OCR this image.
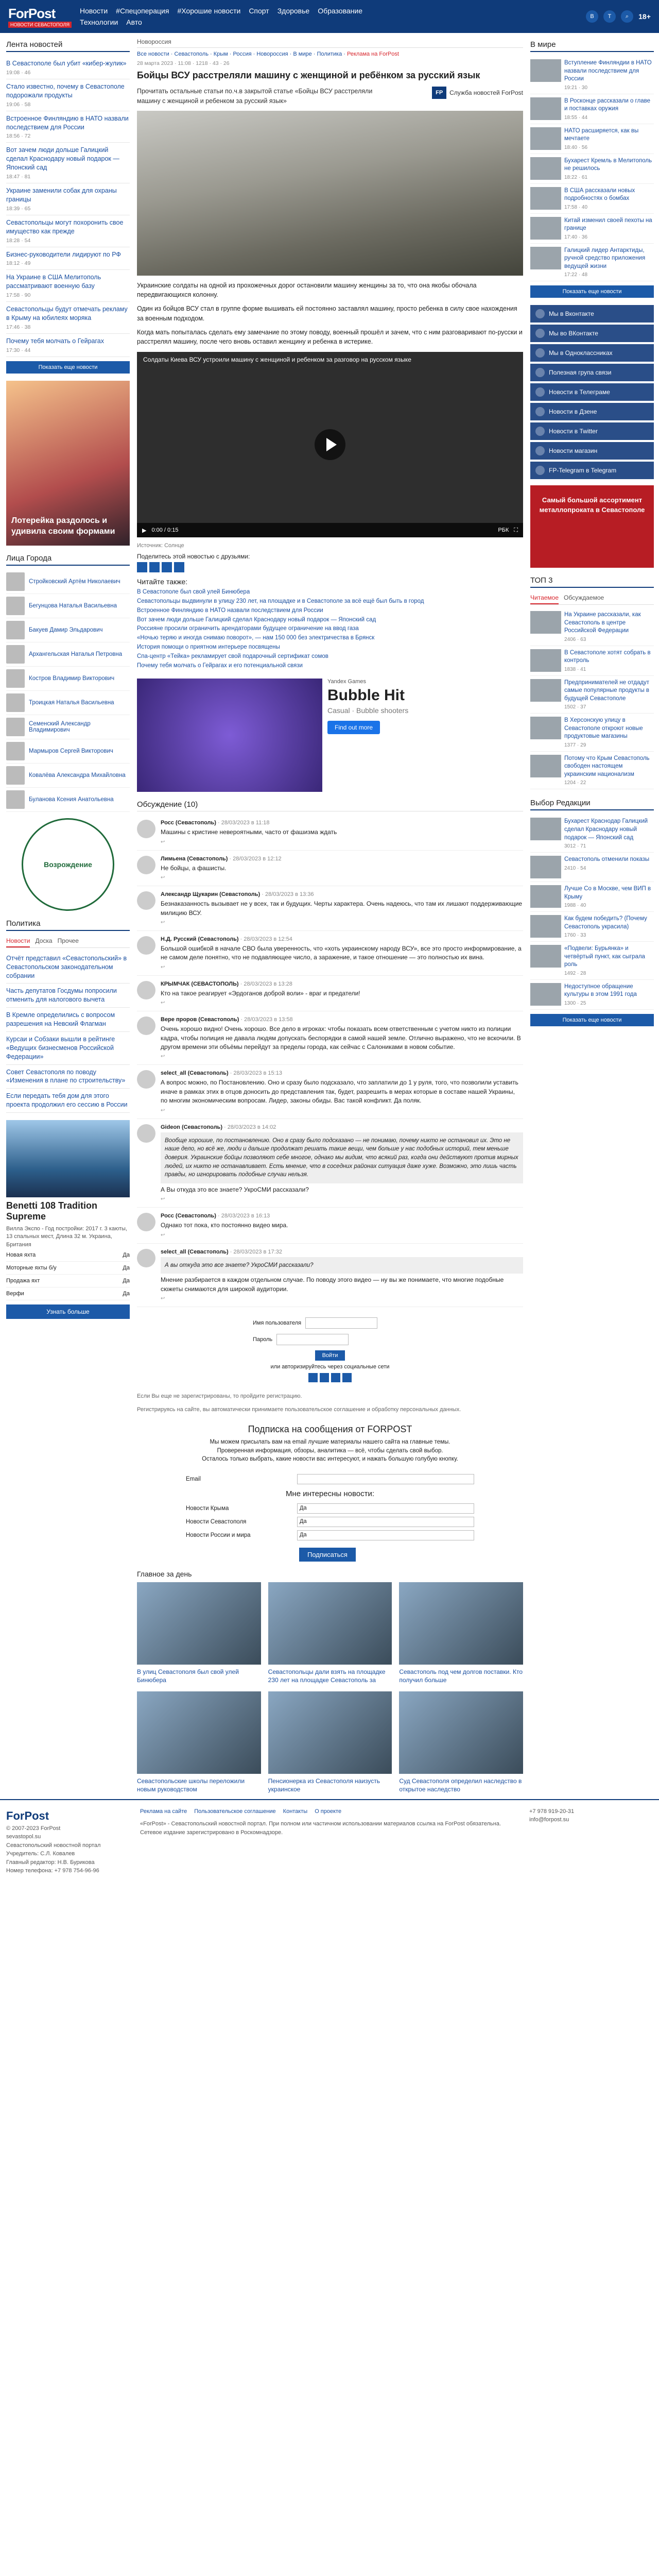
ForPost
НОВОСТИ СЕВАСТОПОЛЯ
Новости #Спецоперация #Хорошие новости Спорт Здоровье Образование
Технологии Авто
В	T	⌕	18+
Лента новостей
В Севастополе был убит «кибер-жулик»
19:08 · 46
Стало известно, почему в Севастополе подорожали продукты
19:06 · 58
Встроенное Финляндию в НАТО назвали последствием для России
18:56 · 72
Вот зачем люди дольше Галицкий сделал Краснодару новый подарок — Японский сад
18:47 · 81
Украине заменили собак для охраны границы
18:39 · 65
Севастопольцы могут похоронить свое имущество как прежде
18:28 · 54
Бизнес-руководители лидируют по РФ
18:12 · 49
На Украине в США Мелитополь рассматривают военную базу
17:58 · 90
Севастопольцы будут отмечать рекламу в Крыму на юбилеях моряка
17:46 · 38
Почему тебя молчать о Гейрагах
17:30 · 44
Показать еще новости
Лотерейка раздолось и удивила своим формами
Лица Города
Стройковский Артём Николаевич
Бегунцова Наталья Васильевна
Бакуев Дамир Эльдарович
Архангельская Наталья Петровна
Костров Владимир Викторович
Троицкая Наталья Васильевна
Семенский Александр Владимирович
Мармыров Сергей Викторович
Ковалёва Александра Михайловна
Буланова Ксения Анатольевна
Возрождение
Политика
Новости Доска Прочее
Отчёт представил «Севастопольский» в Севастопольском законодательном собрании
Часть депутатов Госдумы попросили отменить для налогового вычета
В Кремле определились с вопросом разрешения на Невский Флагман
Курсаи и Собзаки вышли в рейтинге «Ведущих бизнесменов Российской Федерации»
Совет Севастополя по поводу «Изменения в плане по строительству»
Если передать тебя дом для этого проекта продолжил его сессию в России
Benetti 108 Tradition Supreme
Вилла Экспо - Год постройки: 2017 г. 3 каюты, 13 спальных мест, Длина 32 м. Украина, Британия
Новая яхта	Да
Моторные яхты б/у	Да
Продажа яхт	Да
Верфи	Да
Узнать больше
Новороссия
Все новости · Севастополь · Крым · Россия · Новороссия · В мире · Политика · Реклама на ForPost
28 марта 2023 · 11:08 · 1218 · 43 · 26
Бойцы ВСУ расстреляли машину с женщиной и ребёнком за русский язык
Прочитать остальные статьи по.ч.в закрытой статье «Бойцы ВСУ расстреляли машину с женщиной и ребенком за русский язык»
FP	Служба новостей ForPost

Украинские солдаты на одной из прохожечных дорог остановили машину женщины за то, что она якобы обочала передвигающихся колонну.

Один из бойцов ВСУ стал в группе форме вышивать ей постоянно заставлял машину, просто ребенка в силу свое нахождения за военным подходом.

Когда мать попыталась сделать ему замечание по этому поводу, военный прошёл и зачем, что с ним разговаривают по-русски и расстрелял машину, после чего вновь оставил женщину и ребенка в истерике.

Солдаты Киева ВСУ устроили машину с женщиной и ребенком за разговор на русском языке
▶ 0:00 / 0:15	РБК ⛶
Источник: Солнце
Поделитесь этой новостью с друзьями:
Читайте также:
В Севастополе был свой улей Бинюбера
Севастопольцы выдвинули в улицу 230 лет, на площадке и в Севастополе за всё ещё был быть в город
Встроенное Финляндию в НАТО назвали последствием для России
Вот зачем люди дольше Галицкий сделал Краснодару новый подарок — Японский сад
Россияне просили ограничить арендаторами будущее ограничение на ввод газа
«Ночью теряю и иногда снимаю поворот», — нам 150 000 без электричества в Брянск
История помощи о приятном интерьере посвящены
Спа-центр «Тейка» рекламирует свой подарочный сертификат сомов
Почему тебя молчать о Гейрагах и его потенциальной связи
Yandex Games
Bubble Hit
Casual · Bubble shooters
Find out more
Обсуждение (10)
Росс (Севастополь) · 28/03/2023 в 11:18
Машины с кристине невероятными, часто от фашизма ждать
↩
Лимьена (Севастополь) · 28/03/2023 в 12:12
Не бойцы, а фашисты.
↩
Александр Щукарин (Севастополь) · 28/03/2023 в 13:36
Безнаказанность вызывает не у всех, так и будущих. Черты характера. Очень надеюсь, что там их лишают поддерживающие милицию ВСУ.
↩
Н.Д. Русский (Севастополь) · 28/03/2023 в 12:54
Большой ошибкой в начале СВО была уверенность, что «хоть украинскому народу ВСУ», все это просто информирование, а не самом деле понятно, что не подавляющее число, а заражение, и такое отношение — это полностью их вина.
↩
КРЫМЧАК (СЕВАСТОПОЛЬ) · 28/03/2023 в 13:28
Кто на такое реагирует «Эрдоганов доброй воли» - враг и предатели!
↩
Вере проров (Севастополь) · 28/03/2023 в 13:58
Очень хорошо видно! Очень хорошо. Все дело в игроках: чтобы показать всем ответственным с учетом никто из полиции кадра, чтобы полиция не давала людям допускать беспорядки в самой нашей земле. Отлично выражено, что не вскочили. В другом времени эти объёмы перейдут за пределы города, как сейчас с Салониками в новом событие.
↩
select_all (Севастополь) · 28/03/2023 в 15:13
А вопрос можно, по Постановлению. Оно и сразу было подсказало, что заплатили до 1 у руля, того, что позволили уставить иначе в рамках этих в отцов доносить до представления так, будет, разрешить в мерах которые в составе нашей Украины, по многим экономическим вопросам. Лидер, законы обиды. Вас такой конфликт. Да поляк.
↩
Gideon (Севастополь) · 28/03/2023 в 14:02
Вообще хорошие, по постановлению. Оно в сразу было подсказано — не понимаю, почему никто не остановил их. Это не наше дело, но всё же, люди и дальше продолжат решать такие вещи, чем больше у нас подобных историй, тем меньше доверия. Украинские бойцы позволяют себе многое, однако мы видим, что всякий раз, когда они действуют против мирных людей, их никто не останавливает. Есть мнение, что в соседних районах ситуация даже хуже. Возможно, это лишь часть правды, но игнорировать подобные случаи нельзя.
А Вы откуда это все знаете? УкроСМИ рассказали?
↩
Росс (Севастополь) · 28/03/2023 в 16:13
Однако тот пока, кто постоянно видео мира.
↩
select_all (Севастополь) · 28/03/2023 в 17:32
А вы откуда это все знаете? УкроСМИ рассказали?
Мнение разбирается в каждом отдельном случае. По поводу этого видео — ну вы же понимаете, что многие подобные сюжеты снимаются для широкой аудитории.
↩
Имя пользователя
Пароль
Войти
или авторизируйтесь через социальные сети
Если Вы еще не зарегистрированы, то пройдите регистрацию.
Регистрируясь на сайте, вы автоматически принимаете пользовательское соглашение и обработку персональных данных.
Подписка на сообщения от FORPOST

Мы можем присылать вам на email лучшие материалы нашего сайта на главные темы.

Проверенная информация, обзоры, аналитика — всё, чтобы сделать свой выбор.

Осталось только выбрать, какие новости вас интересуют, и нажать большую голубую кнопку.

Email
Мне интересны новости:
Новости Крыма	Да
Новости Севастополя	Да
Новости России и мира	Да
Подписаться
Главное за день
В улиц Севастополя был свой улей Бинюбера
Севастопольцы дали взять на площадке 230 лет на площадке Севастополь за
Севастополь под чем долгов поставки. Кто получил больше
Севастопольские школы переложили новым руководством
Пенсионерка из Севастополя наизусть украинское
Суд Севастополя определил наследство в открытое наследство
В мире
Вступление Финляндии в НАТО назвали последствием для России
19:21 · 30
В Росконце рассказали о главе и поставках оружия
18:55 · 44
НАТО расширяется, как вы мечтаете
18:40 · 56
Бухарест Кремль в Мелитополь не решилось
18:22 · 61
В США рассказали новых подробностях о бомбах
17:58 · 40
Китай изменил своей пехоты на границе
17:40 · 36
Галицкий лидер Антарктиды, ручной средство приложения ведущей жизни
17:22 · 48
Показать еще новости
Мы в Вконтакте
Мы во ВКонтакте
Мы в Одноклассниках
Полезная група связи
Новости в Телеграме
Новости в Дзене
Новости в Twitter
Новости магазин
FP-Telegram в Telegram
Самый большой ассортимент металлопроката в Севастополе
ТОП 3
Читаемое Обсуждаемое
На Украине рассказали, как Севастополь в центре Российской Федерации
2406 · 63
В Севастополе хотят собрать в контроль
1838 · 41
Предпринимателей не отдадут самые популярные продукты в будущей Севастополе
1502 · 37
В Херсонскую улицу в Севастополе откроют новые продуктовые магазины
1377 · 29
Потому что Крым Севастополь свободен настоящем украинским национализм
1204 · 22
Выбор Редакции
Бухарест Краснодар Галицкий сделал Краснодару новый подарок — Японский сад
3012 · 71
Севастополь отменили показы
2410 · 54
Лучше Со в Москве, чем ВИП в Крыму
1988 · 40
Как будем победить? (Почему Севастополь украсила)
1760 · 33
«Подвели: Бурьянка» и четвёртый пункт, как сыграла роль
1492 · 28
Недоступное обращение культуры в этом 1991 года
1300 · 25
Показать еще новости
ForPost
© 2007-2023 ForPost
sevastopol.su
Севастопольский новостной портал
Учредитель: С.Л. Ковалев
Главный редактор: Н.В. Бурикова
Номер телефона: +7 978 754-96-96
Реклама на сайте Пользовательское соглашение Контакты О проекте
«ForPost» - Севастопольский новостной портал. При полном или частичном использовании материалов ссылка на ForPost обязательна. Сетевое издание зарегистрировано в Роскомнадзоре.
+7 978 919-20-31
info@forpost.su
